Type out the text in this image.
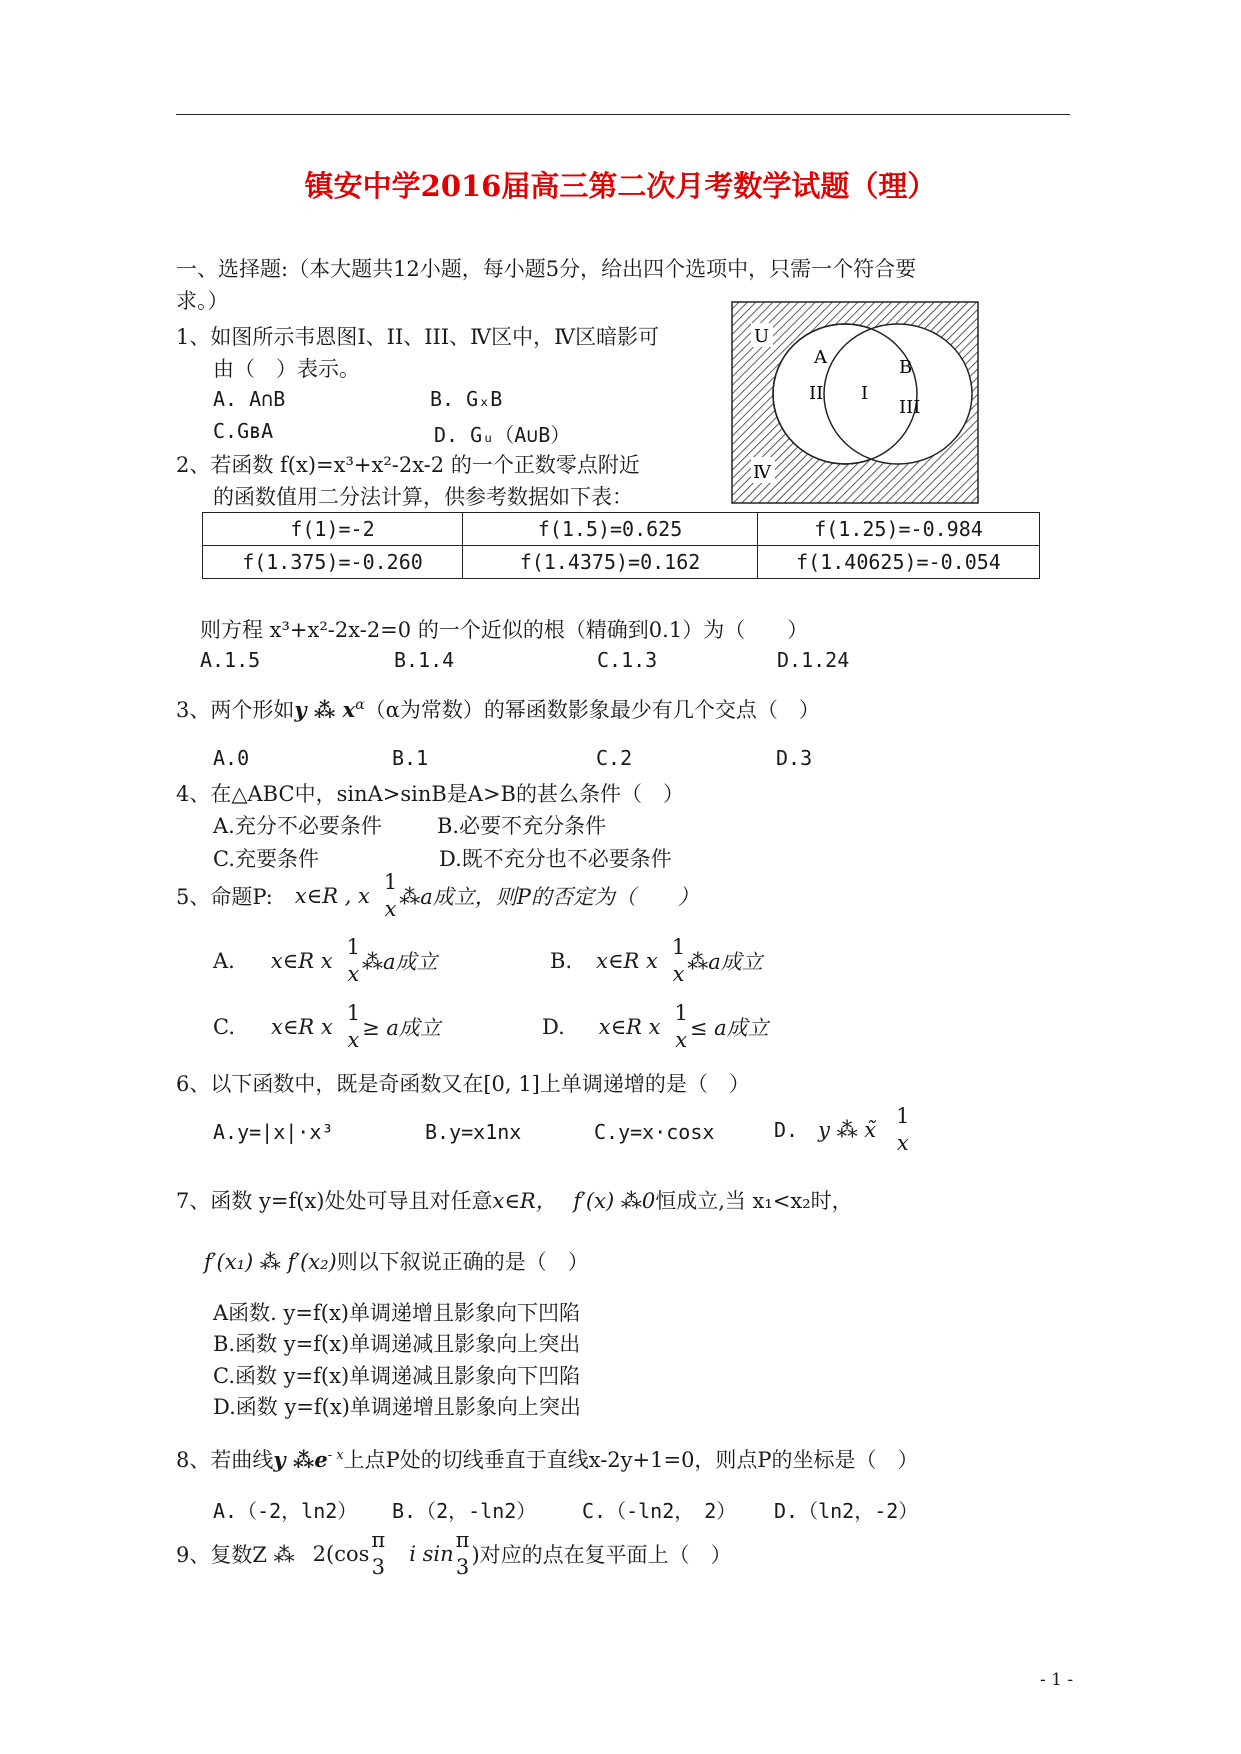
镇安中学2016届高三第二次月考数学试题（理）
一、选择题:（本大题共12小题，每小题5分，给出四个选项中，只需一个符合要
求。）
U
A	B
I
II
III
Ⅳ
1、如图所示韦恩图I、II、III、Ⅳ区中，Ⅳ区暗影可
由（　）表示。
A. A∩B	B. GₓB
C.GʙA	D. Gᵤ（A∪B）
2、若函数 f(x)=x³+x²-2x-2 的一个正数零点附近
的函数值用二分法计算，供参考数据如下表：
f(1)=-2	f(1.5)=0.625	f(1.25)=-0.984
f(1.375)=-0.260	f(1.4375)=0.162	f(1.40625)=-0.054
则方程 x³+x²-2x-2=0 的一个近似的根（精确到0.1）为（　　）
A.1.5	B.1.4	C.1.3	D.1.24
3、两个形如y ⁂ $x^\alpha(\alpha$为常数）的幂函数影象最少有几个交点（　）
A.0	B.1	C.2	D.3
4、在△ABC中，sinA>sinB是A>B的甚么条件（　）
A.充分不必要条件	B.必要不充分条件
C.充要条件	D.既不充分也不必要条件
5、命题P: x∈R , x
1
x ⁂a成立，则P的否定为（　　）
A. x∈R x
1
x ⁂a成立	B. x∈R x
1
x ⁂a成立
C. x∈R x
1
x ≥ a成立	D. x∈R x
1
x ≤ a成立
6、以下函数中，既是奇函数又在[0, 1]上单调递增的是（　）
A.y=|x|·x³	B.y=x1nx	C.y=x·cosx	D. y ⁂ x̃
1
x
7、函数 y=f(x)处处可导且对任意x∈R， f′(x) ⁂0恒成立,当 x₁<x₂时，
f′(x₁) ⁂ f′(x₂)则以下叙说正确的是（　）
A函数. y=f(x)单调递增且影象向下凹陷
B.函数 y=f(x)单调递减且影象向上突出
C.函数 y=f(x)单调递减且影象向下凹陷
D.函数 y=f(x)单调递增且影象向上突出
8、若曲线y $⁂e^{- x}$上点P处的切线垂直于直线x-2y+1=0，则点P的坐标是（　）
A.（-2，ln2） B.（2，-ln2） C.（-ln2，　2） D.（ln2，-2）
9、复数Z ⁂ 2(cos
π
3
i sin
π
3 )对应的点在复平面上（　）
- 1 -
